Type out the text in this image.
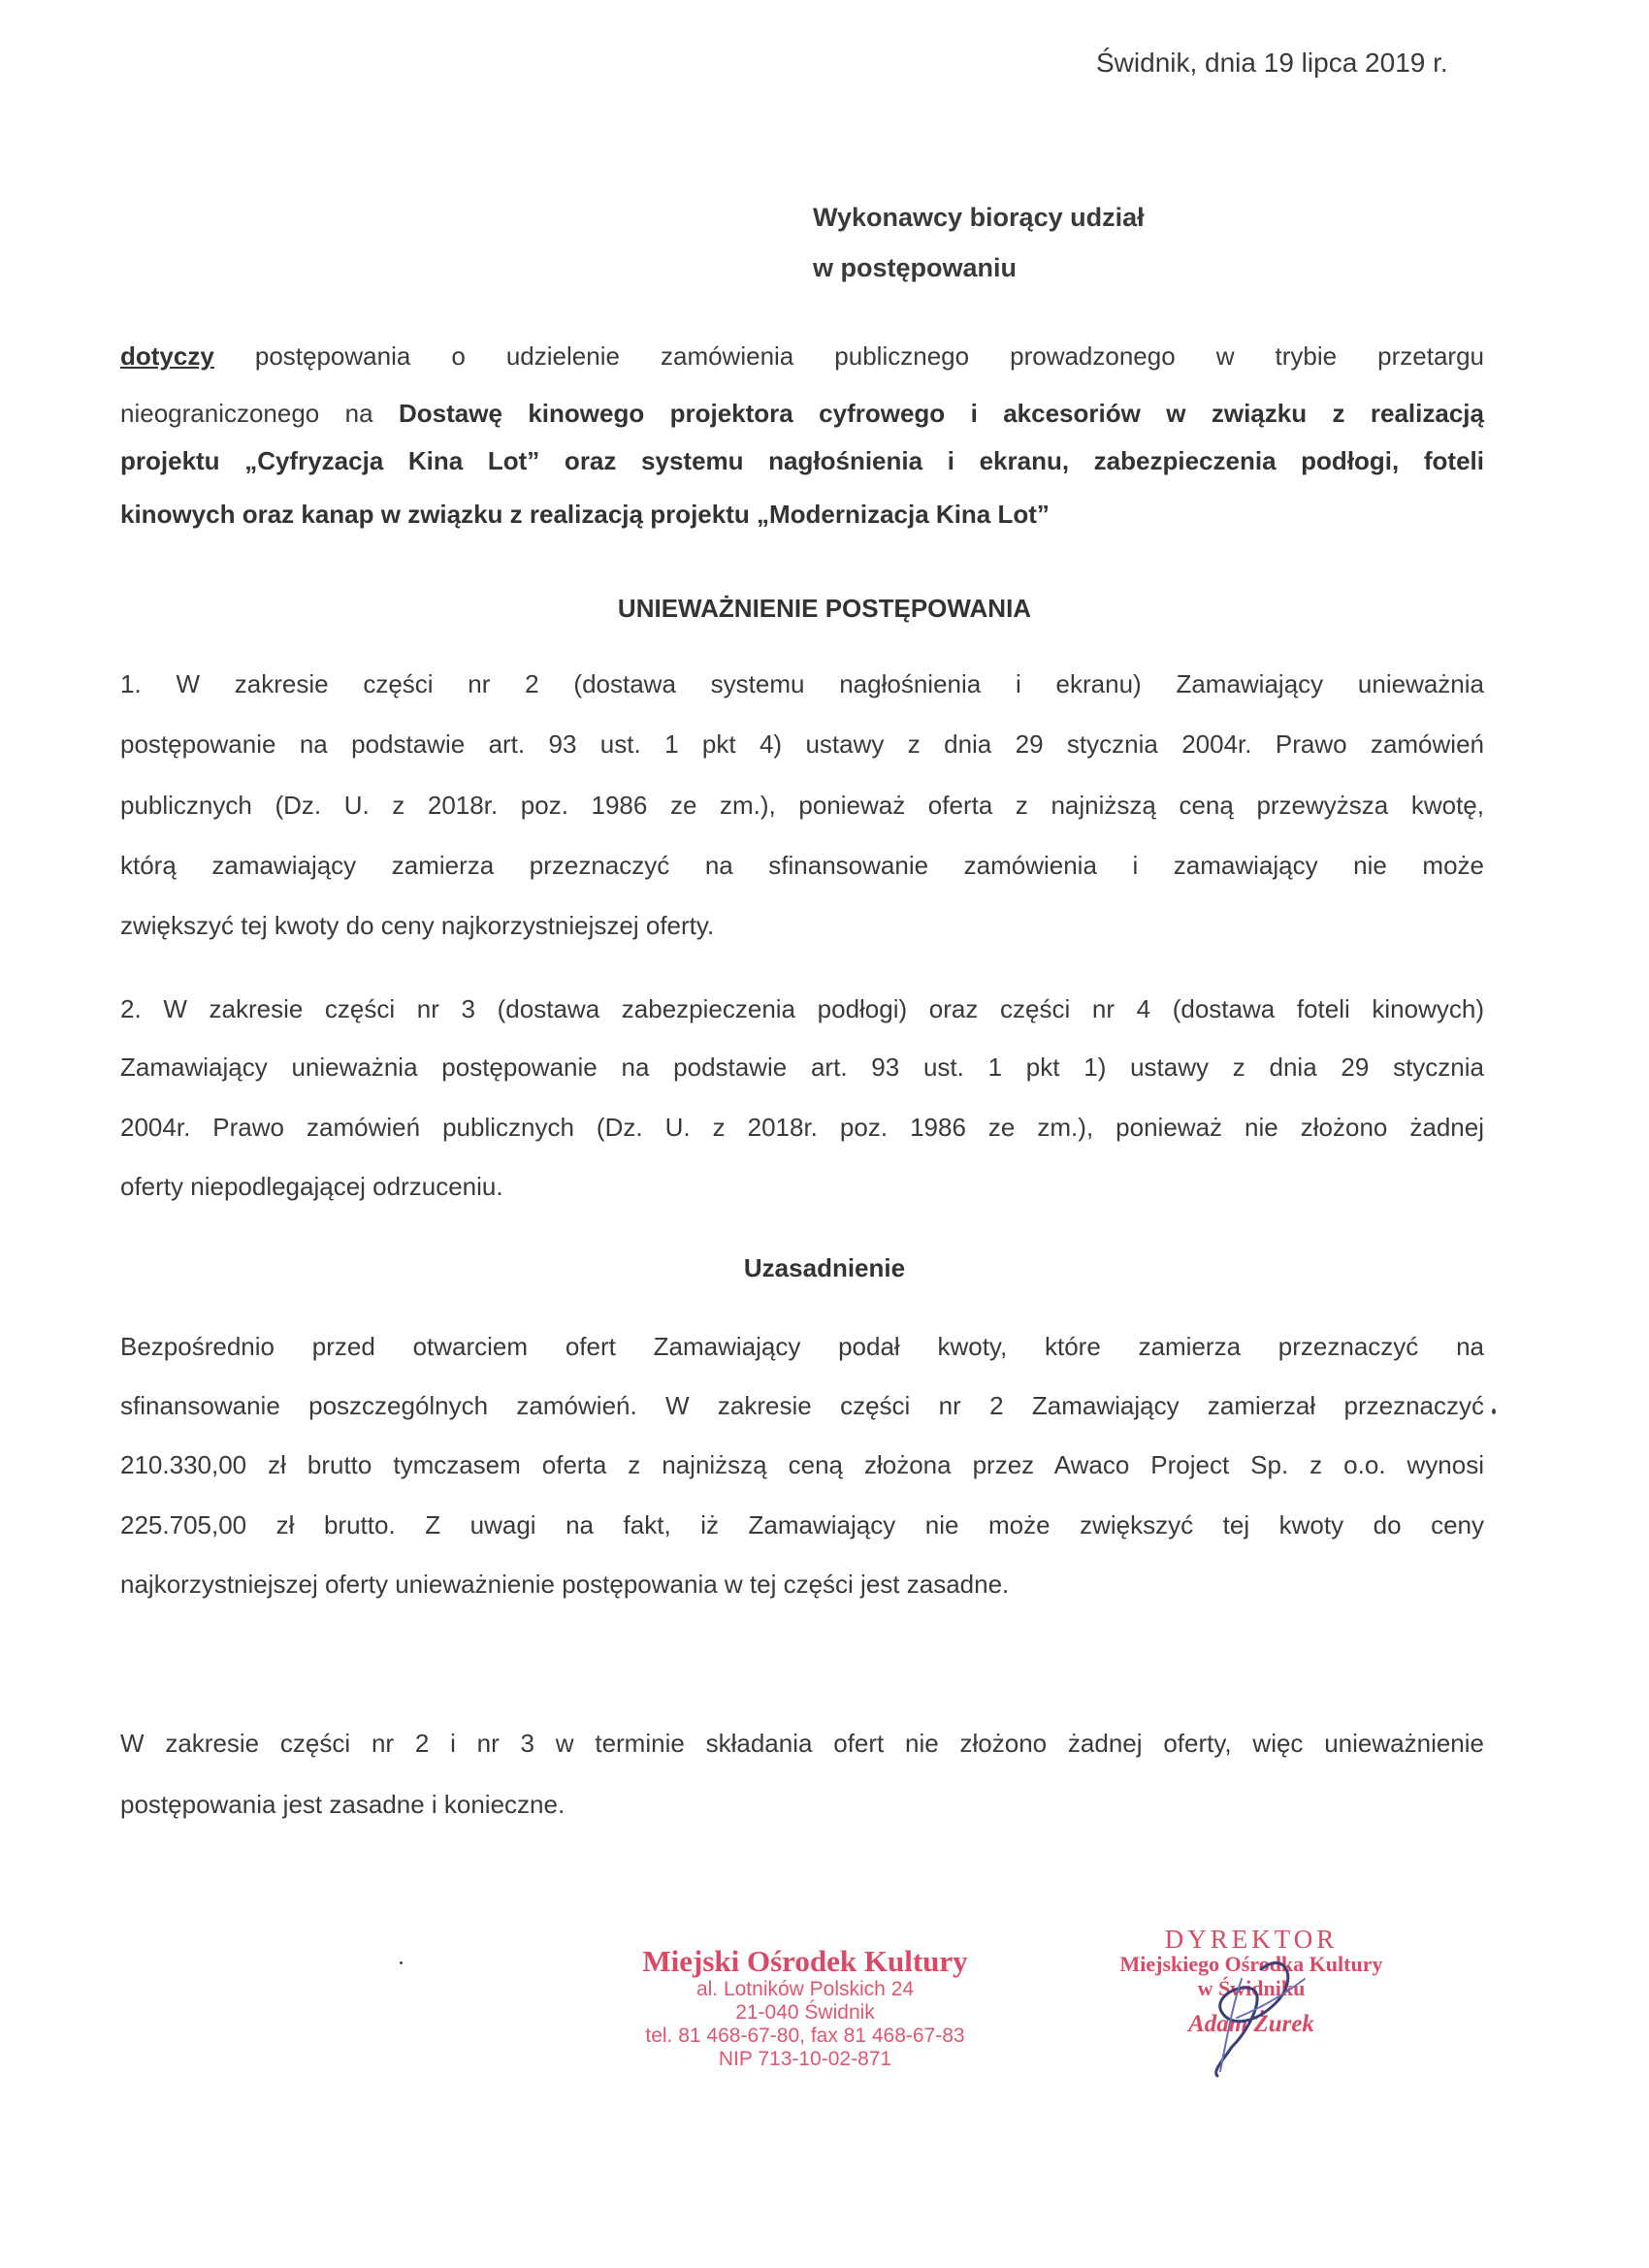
Świdnik, dnia 19 lipca 2019 r.
Wykonawcy biorący udział
w postępowaniu
dotyczy postępowania o udzielenie zamówienia publicznego prowadzonego w trybie przetargu
nieograniczonego na Dostawę kinowego projektora cyfrowego i akcesoriów w związku z realizacją
projektu „Cyfryzacja Kina Lot” oraz systemu nagłośnienia i ekranu, zabezpieczenia podłogi, foteli
kinowych oraz kanap w związku z realizacją projektu „Modernizacja Kina Lot”
UNIEWAŻNIENIE POSTĘPOWANIA
1. W zakresie części nr 2 (dostawa systemu nagłośnienia i ekranu) Zamawiający unieważnia
postępowanie na podstawie art. 93 ust. 1 pkt 4) ustawy z dnia 29 stycznia 2004r. Prawo zamówień
publicznych (Dz. U. z 2018r. poz. 1986 ze zm.), ponieważ oferta z najniższą ceną przewyższa kwotę,
którą zamawiający zamierza przeznaczyć na sfinansowanie zamówienia i zamawiający nie może
zwiększyć tej kwoty do ceny najkorzystniejszej oferty.
2. W zakresie części nr 3 (dostawa zabezpieczenia podłogi) oraz części nr 4 (dostawa foteli kinowych)
Zamawiający unieważnia postępowanie na podstawie art. 93 ust. 1 pkt 1) ustawy z dnia 29 stycznia
2004r. Prawo zamówień publicznych (Dz. U. z 2018r. poz. 1986 ze zm.), ponieważ nie złożono żadnej
oferty niepodlegającej odrzuceniu.
Uzasadnienie
Bezpośrednio przed otwarciem ofert Zamawiający podał kwoty, które zamierza przeznaczyć na
sfinansowanie poszczególnych zamówień. W zakresie części nr 2 Zamawiający zamierzał przeznaczyć
210.330,00 zł brutto tymczasem oferta z najniższą ceną złożona przez Awaco Project Sp. z o.o. wynosi
225.705,00 zł brutto. Z uwagi na fakt, iż Zamawiający nie może zwiększyć tej kwoty do ceny
najkorzystniejszej oferty unieważnienie postępowania w tej części jest zasadne.
W zakresie części nr 2 i nr 3 w terminie składania ofert nie złożono żadnej oferty, więc unieważnienie
postępowania jest zasadne i konieczne.
Miejski Ośrodek Kultury
al. Lotników Polskich 24
21-040 Świdnik
tel. 81 468-67-80, fax 81 468-67-83
NIP 713-10-02-871
DYREKTOR
Miejskiego Ośrodka Kultury
w Świdniku
Adam Żurek
